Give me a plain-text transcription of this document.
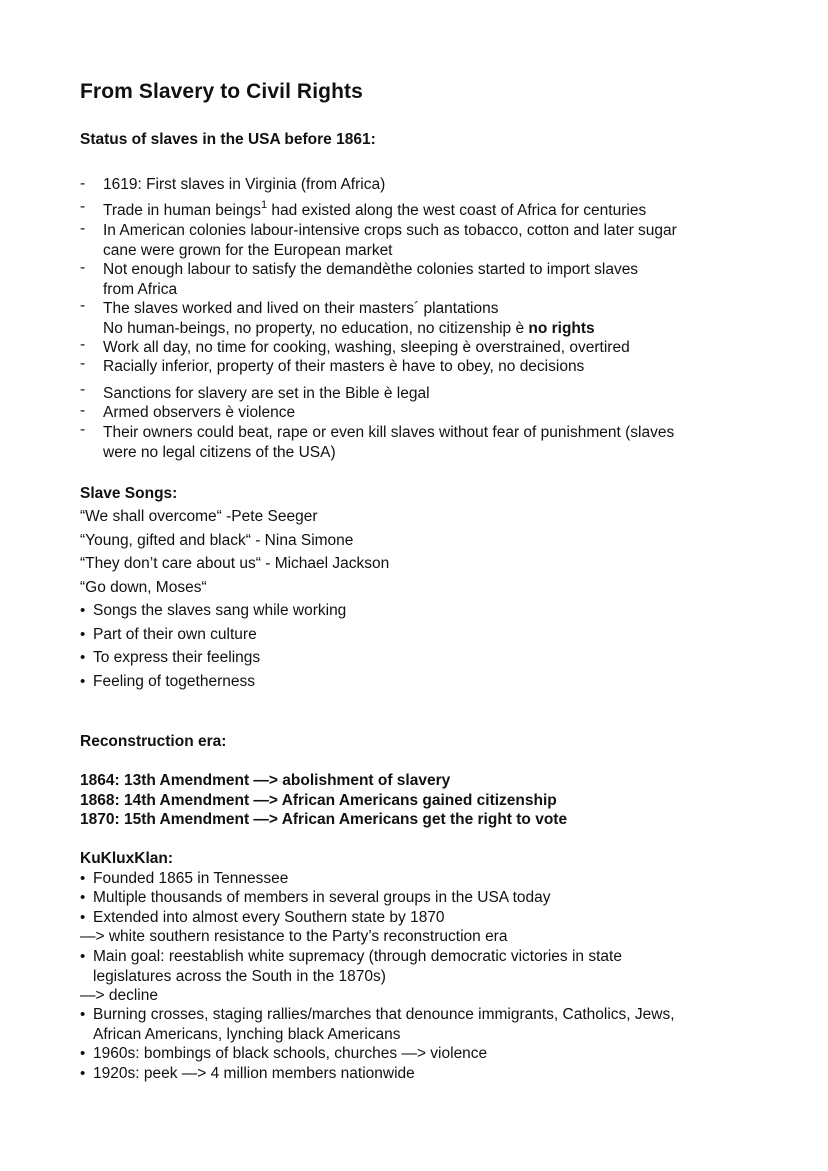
From Slavery to Civil Rights
Status of slaves in the USA before 1861:
- 1619: First slaves in Virginia (from Africa)
- Trade in human beings$^1$ had existed along the west coast of Africa for centuries
- In American colonies labour-intensive crops such as tobacco, cotton and later sugar
cane were grown for the European market
- Not enough labour to satisfy the demandèthe colonies started to import slaves
from Africa
- The slaves worked and lived on their masters´ plantations
No human-beings, no property, no education, no citizenship è no rights
- Work all day, no time for cooking, washing, sleeping è overstrained, overtired
- Racially inferior, property of their masters è have to obey, no decisions
- Sanctions for slavery are set in the Bible è legal
- Armed observers è violence
- Their owners could beat, rape or even kill slaves without fear of punishment (slaves
were no legal citizens of the USA)
Slave Songs:
“We shall overcome“ -Pete Seeger
“Young, gifted and black“ - Nina Simone
“They don’t care about us“ - Michael Jackson
“Go down, Moses“
• Songs the slaves sang while working
• Part of their own culture
• To express their feelings
• Feeling of togetherness
Reconstruction era:
1864: 13th Amendment —> abolishment of slavery
1868: 14th Amendment —> African Americans gained citizenship
1870: 15th Amendment —> African Americans get the right to vote
KuKluxKlan:
• Founded 1865 in Tennessee
• Multiple thousands of members in several groups in the USA today
• Extended into almost every Southern state by 1870
—> white southern resistance to the Party’s reconstruction era
• Main goal: reestablish white supremacy (through democratic victories in state
legislatures across the South in the 1870s)
—> decline
• Burning crosses, staging rallies/marches that denounce immigrants, Catholics, Jews,
African Americans, lynching black Americans
• 1960s: bombings of black schools, churches —> violence
• 1920s: peek —> 4 million members nationwide
